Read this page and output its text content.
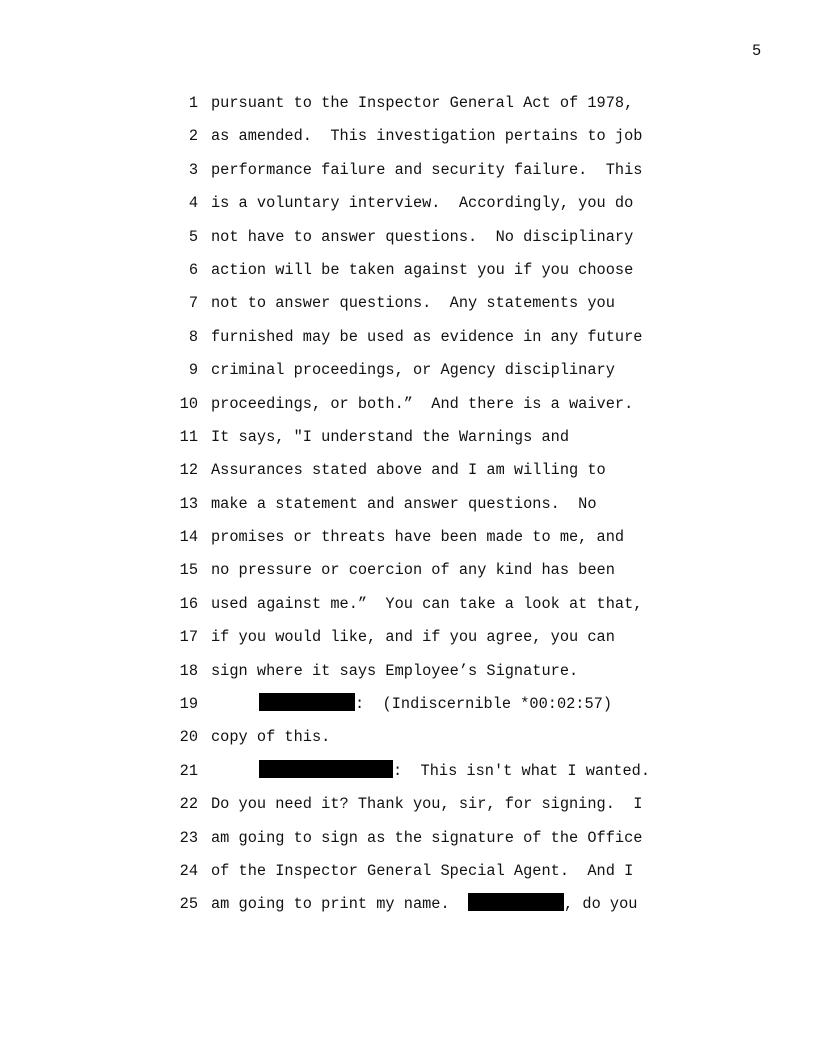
5
1 pursuant to the Inspector General Act of 1978,
2 as amended.  This investigation pertains to job
3 performance failure and security failure.  This
4 is a voluntary interview.  Accordingly, you do
5 not have to answer questions.  No disciplinary
6 action will be taken against you if you choose
7 not to answer questions.  Any statements you
8 furnished may be used as evidence in any future
9 criminal proceedings, or Agency disciplinary
10 proceedings, or both.”  And there is a waiver.
11 It says, "I understand the Warnings and
12 Assurances stated above and I am willing to
13 make a statement and answer questions.  No
14 promises or threats have been made to me, and
15 no pressure or coercion of any kind has been
16 used against me.”  You can take a look at that,
17 if you would like, and if you agree, you can
18 sign where it says Employee’s Signature.
19	:  (Indiscernible *00:02:57)
20 copy of this.
21	:  This isn't what I wanted.
22 Do you need it? Thank you, sir, for signing.  I
23 am going to sign as the signature of the Office
24 of the Inspector General Special Agent.  And I
25 am going to print my name.	, do you
